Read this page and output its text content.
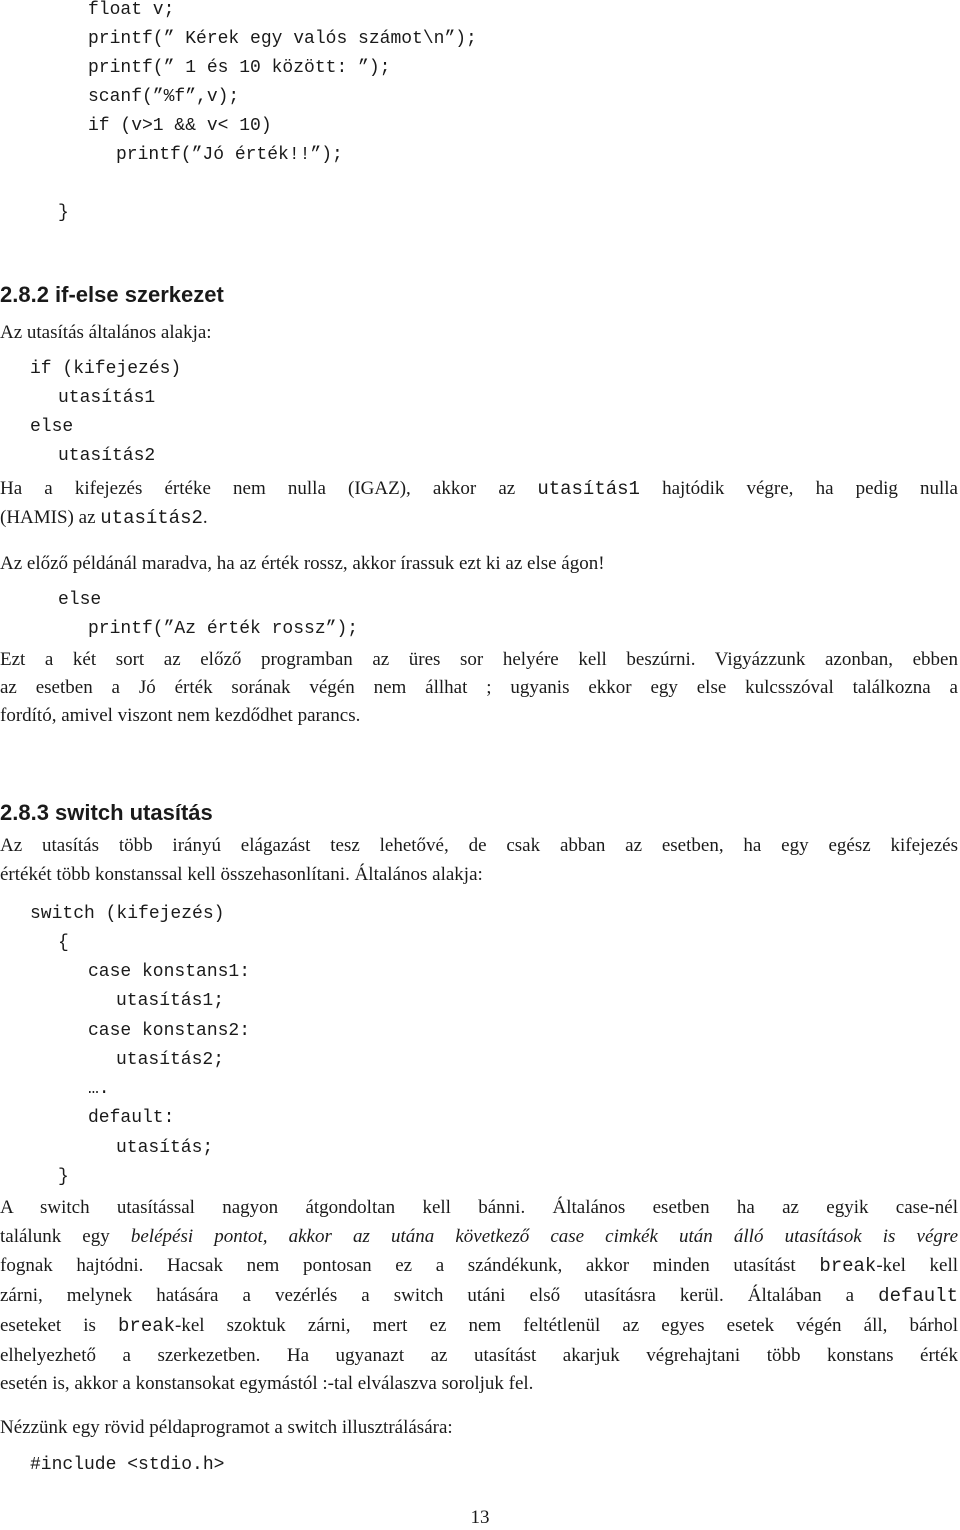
float v;
printf(” Kérek egy valós számot\n”);
printf(” 1 és 10 között: ”);
scanf(”%f”,v);
if (v>1 && v< 10)
printf(”Jó érték!!”);
}
2.8.2 if-else szerkezet
Az utasítás általános alakja:
if (kifejezés)
utasítás1
else
utasítás2
Ha a kifejezés értéke nem nulla (IGAZ), akkor az utasítás1 hajtódik végre, ha pedig nulla
(HAMIS) az utasítás2.
Az előző példánál maradva, ha az érték rossz, akkor írassuk ezt ki az else ágon!
else
printf(”Az érték rossz”);
Ezt a két sort az előző programban az üres sor helyére kell beszúrni. Vigyázzunk azonban, ebben
az esetben a Jó érték sorának végén nem állhat ; ugyanis ekkor egy else kulcsszóval találkozna a
fordító, amivel viszont nem kezdődhet parancs.
2.8.3 switch utasítás
Az utasítás több irányú elágazást tesz lehetővé, de csak abban az esetben, ha egy egész kifejezés
értékét több konstanssal kell összehasonlítani. Általános alakja:
switch (kifejezés)
{
case konstans1:
utasítás1;
case konstans2:
utasítás2;
….
default:
utasítás;
}
A switch utasítással nagyon átgondoltan kell bánni. Általános esetben ha az egyik case-nél
találunk egy belépési pontot, akkor az utána következő case cimkék után álló utasítások is végre
fognak hajtódni. Hacsak nem pontosan ez a szándékunk, akkor minden utasítást break-kel kell
zárni, melynek hatására a vezérlés a switch utáni első utasításra kerül. Általában a default
eseteket is break-kel szoktuk zárni, mert ez nem feltétlenül az egyes esetek végén áll, bárhol
elhelyezhető a szerkezetben. Ha ugyanazt az utasítást akarjuk végrehajtani több konstans érték
esetén is, akkor a konstansokat egymástól :-tal elválaszva soroljuk fel.
Nézzünk egy rövid példaprogramot a switch illusztrálására:
#include <stdio.h>
13
